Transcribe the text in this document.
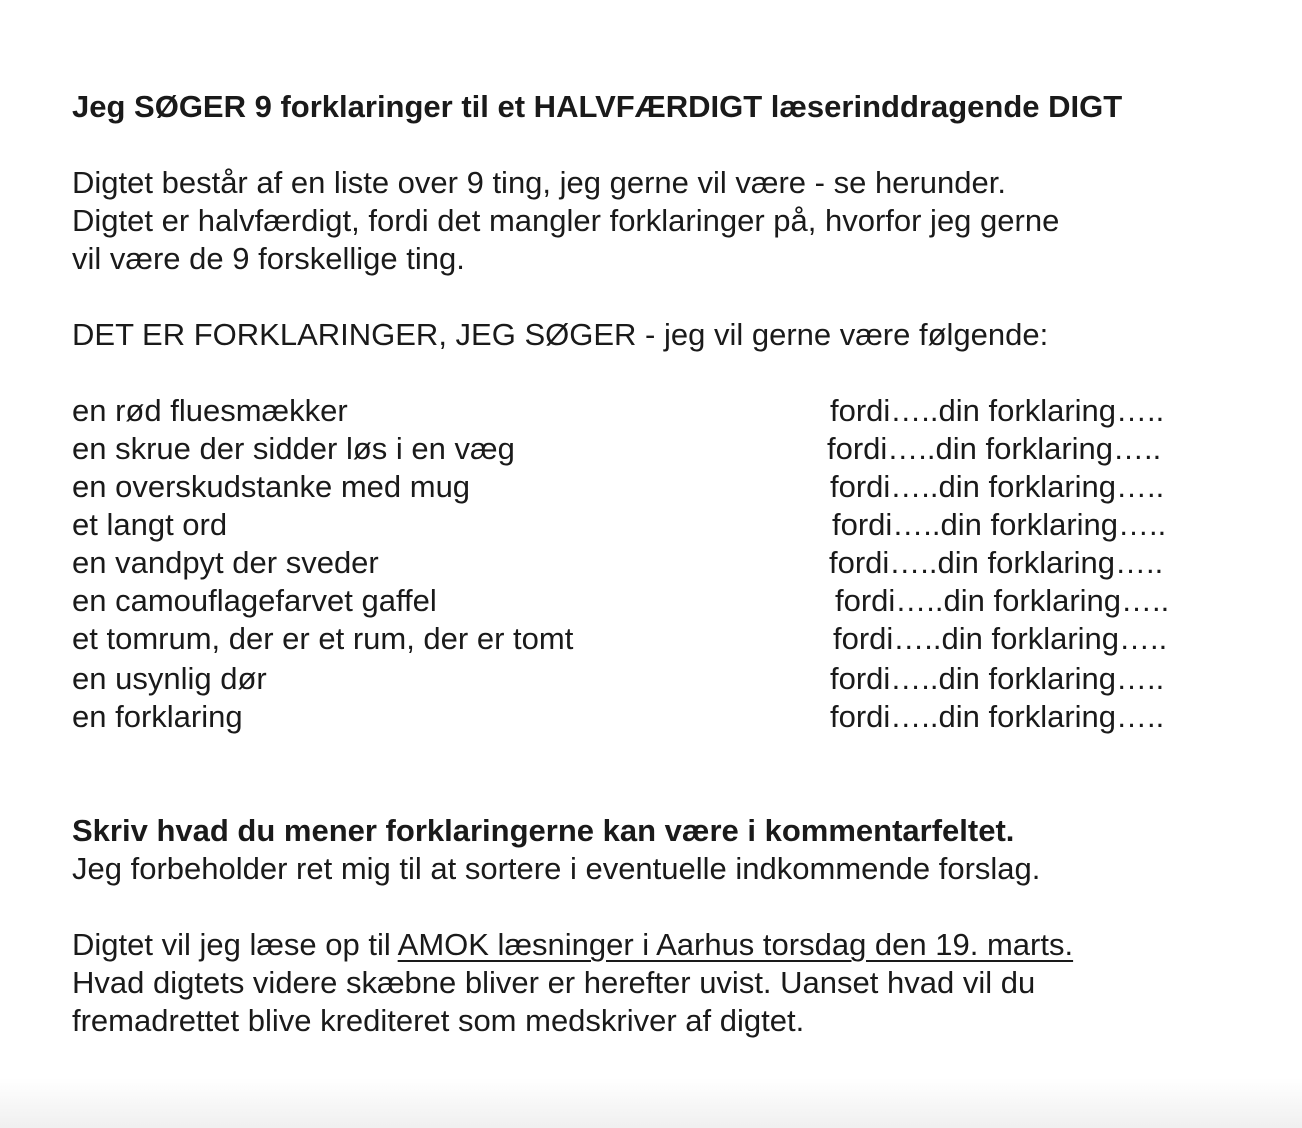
Jeg SØGER 9 forklaringer til et HALVFÆRDIGT læserinddragende DIGT

Digtet består af en liste over 9 ting, jeg gerne vil være - se herunder.

Digtet er halvfærdigt, fordi det mangler forklaringer på, hvorfor jeg gerne

vil være de 9 forskellige ting.

DET ER FORKLARINGER, JEG SØGER - jeg vil gerne være følgende:

en rød fluesmækker	fordi…..din forklaring…..
en skrue der sidder løs i en væg	fordi…..din forklaring…..
en overskudstanke med mug	fordi…..din forklaring…..
et langt ord	fordi…..din forklaring…..
en vandpyt der sveder	fordi…..din forklaring…..
en camouflagefarvet gaffel	fordi…..din forklaring…..
et tomrum, der er et rum, der er tomt	fordi…..din forklaring…..
en usynlig dør	fordi…..din forklaring…..
en forklaring	fordi…..din forklaring…..

Skriv hvad du mener forklaringerne kan være i kommentarfeltet.

Jeg forbeholder ret mig til at sortere i eventuelle indkommende forslag.

Digtet vil jeg læse op til AMOK læsninger i Aarhus torsdag den 19. marts.

Hvad digtets videre skæbne bliver er herefter uvist. Uanset hvad vil du

fremadrettet blive krediteret som medskriver af digtet.
